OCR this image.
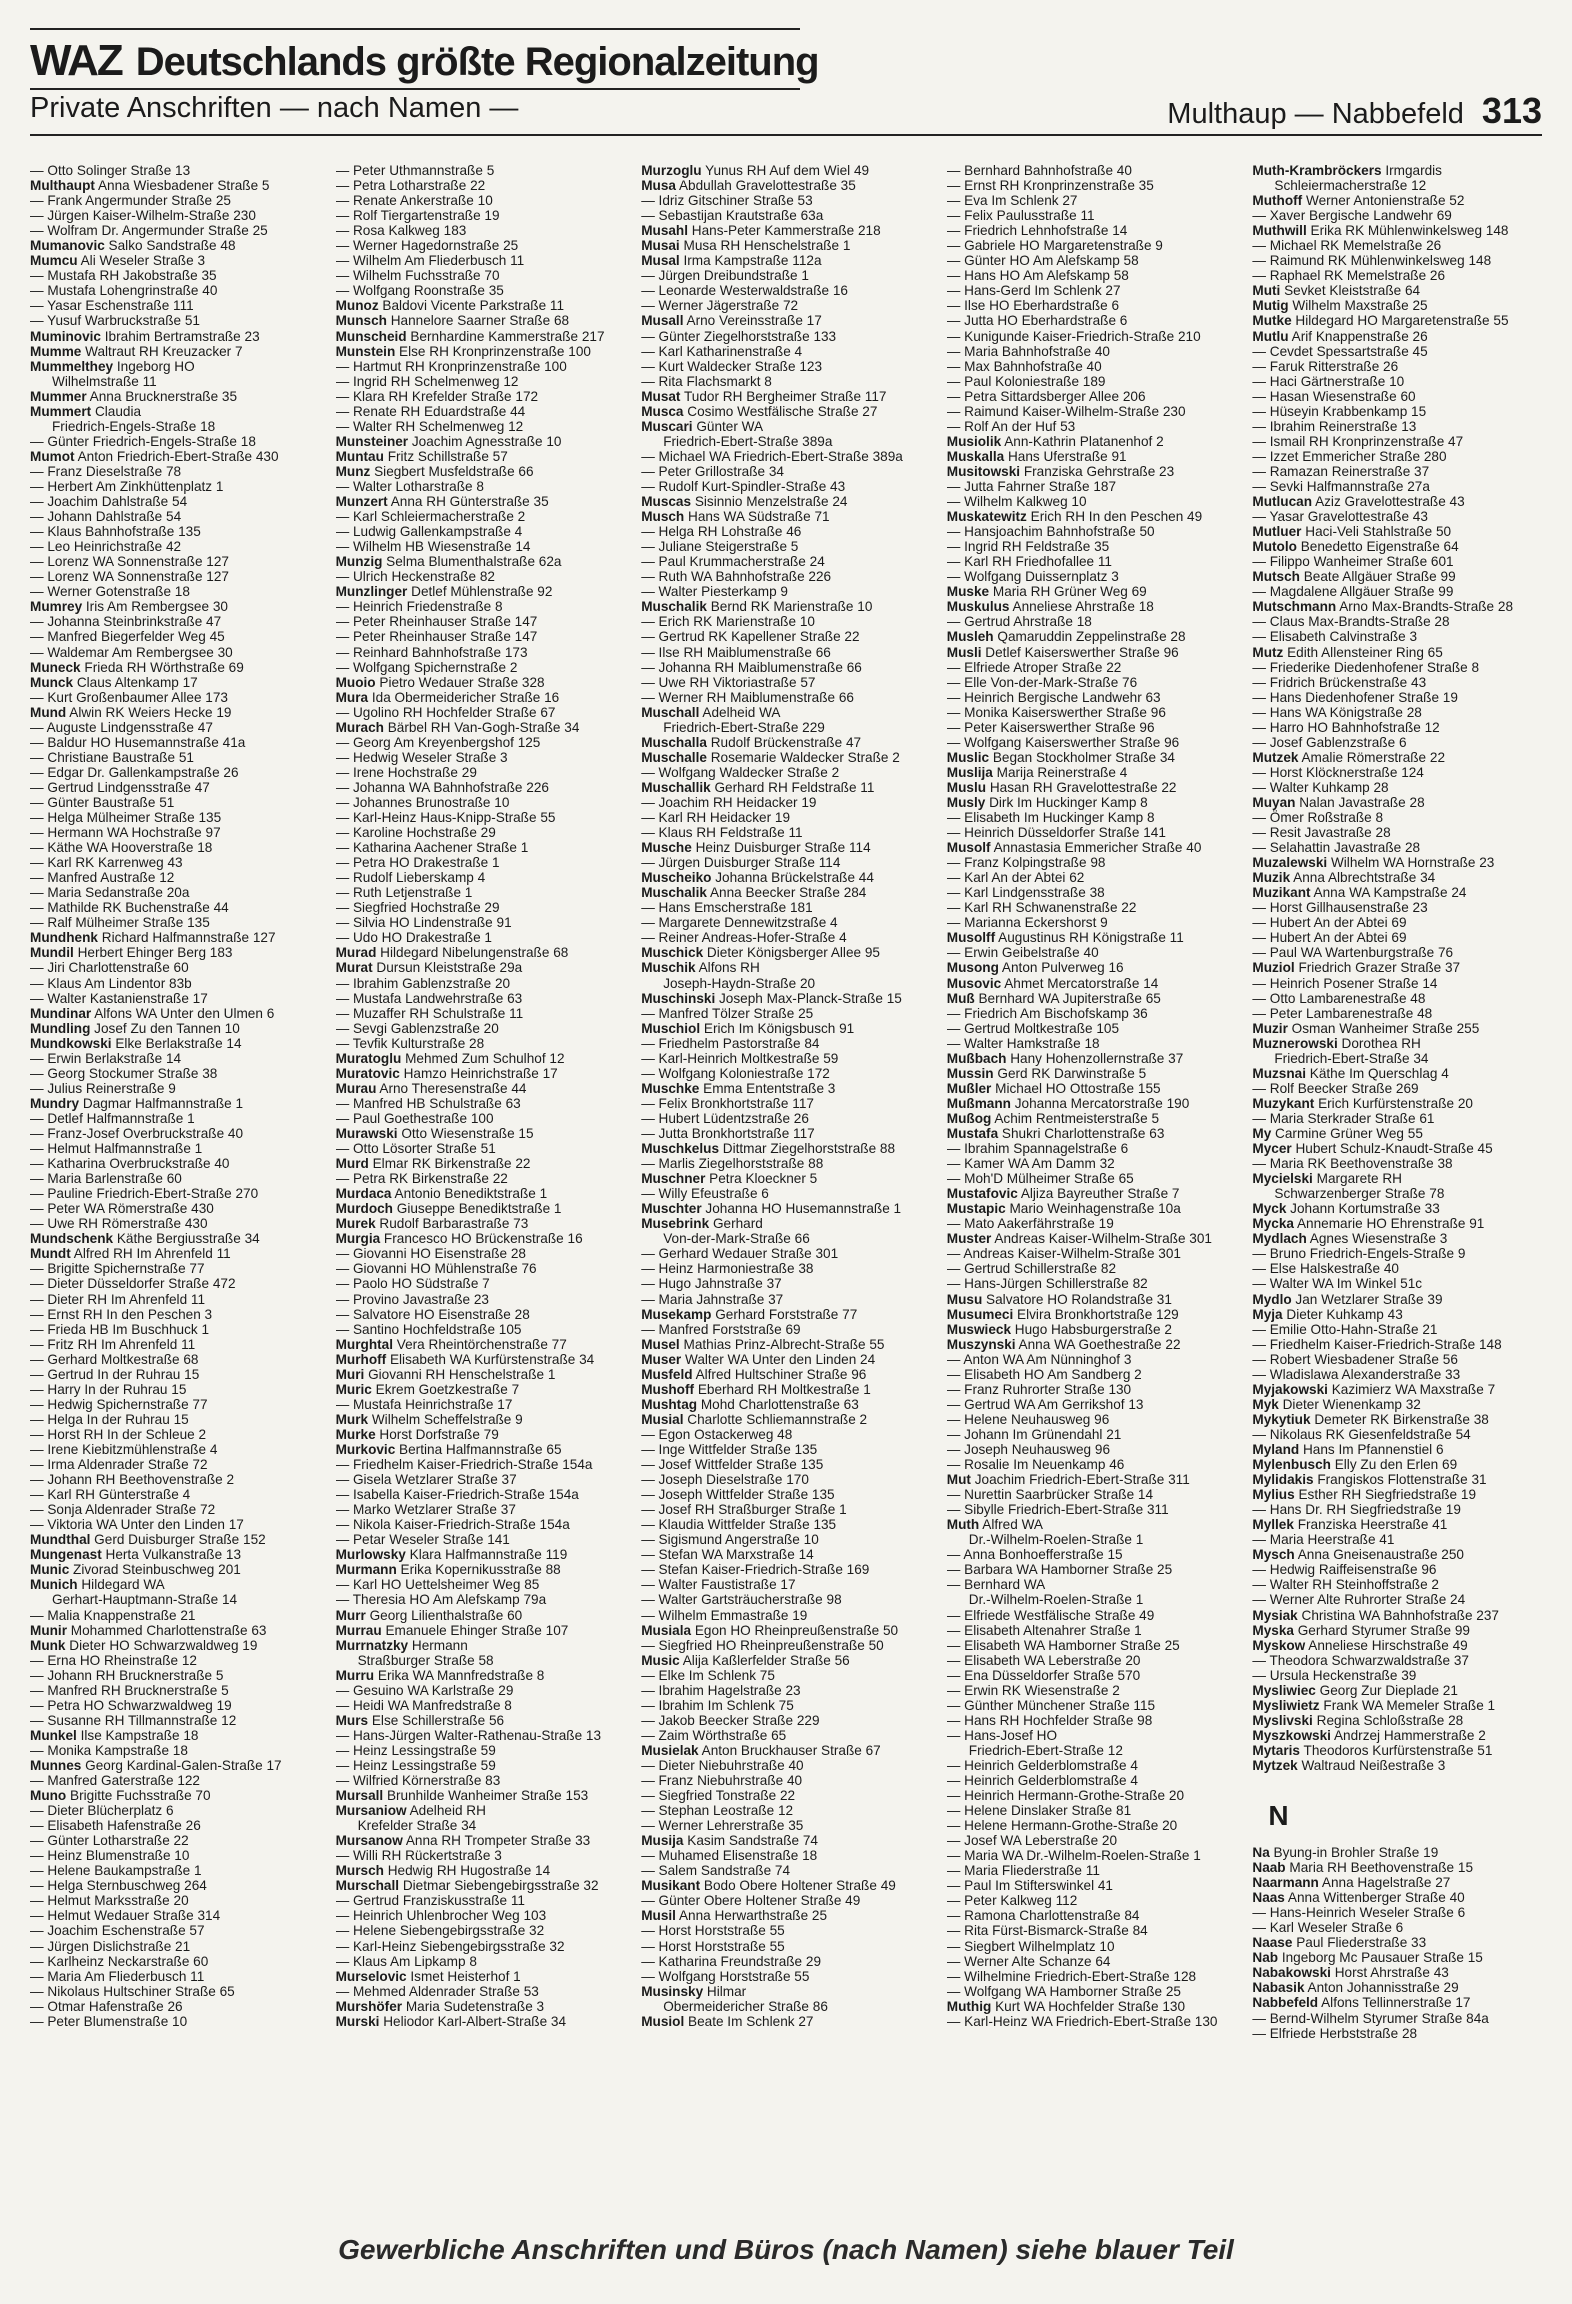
WAZ Deutschlands größte Regionalzeitung
Private Anschriften — nach Namen —	Multhaup — Nabbefeld 313
— Otto Solinger Straße 13
Multhaupt Anna Wiesbadener Straße 5
— Frank Angermunder Straße 25
— Jürgen Kaiser-Wilhelm-Straße 230
— Wolfram Dr. Angermunder Straße 25
Mumanovic Salko Sandstraße 48
Mumcu Ali Weseler Straße 3
— Mustafa RH Jakobstraße 35
— Mustafa Lohengrinstraße 40
— Yasar Eschenstraße 111
— Yusuf Warbruckstraße 51
Muminovic Ibrahim Bertramstraße 23
Mumme Waltraut RH Kreuzacker 7
Mummelthey Ingeborg HO
Wilhelmstraße 11
Mummer Anna Brucknerstraße 35
Mummert Claudia
Friedrich-Engels-Straße 18
— Günter Friedrich-Engels-Straße 18
Mumot Anton Friedrich-Ebert-Straße 430
— Franz Dieselstraße 78
— Herbert Am Zinkhüttenplatz 1
— Joachim Dahlstraße 54
— Johann Dahlstraße 54
— Klaus Bahnhofstraße 135
— Leo Heinrichstraße 42
— Lorenz WA Sonnenstraße 127
— Lorenz WA Sonnenstraße 127
— Werner Gotenstraße 18
Mumrey Iris Am Rembergsee 30
— Johanna Steinbrinkstraße 47
— Manfred Biegerfelder Weg 45
— Waldemar Am Rembergsee 30
Muneck Frieda RH Wörthstraße 69
Munck Claus Altenkamp 17
— Kurt Großenbaumer Allee 173
Mund Alwin RK Weiers Hecke 19
— Auguste Lindgensstraße 47
— Baldur HO Husemannstraße 41a
— Christiane Baustraße 51
— Edgar Dr. Gallenkampstraße 26
— Gertrud Lindgensstraße 47
— Günter Baustraße 51
— Helga Mülheimer Straße 135
— Hermann WA Hochstraße 97
— Käthe WA Hooverstraße 18
— Karl RK Karrenweg 43
— Manfred Austraße 12
— Maria Sedanstraße 20a
— Mathilde RK Buchenstraße 44
— Ralf Mülheimer Straße 135
Mundhenk Richard Halfmannstraße 127
Mundil Herbert Ehinger Berg 183
— Jiri Charlottenstraße 60
— Klaus Am Lindentor 83b
— Walter Kastanienstraße 17
Mundinar Alfons WA Unter den Ulmen 6
Mundling Josef Zu den Tannen 10
Mundkowski Elke Berlakstraße 14
— Erwin Berlakstraße 14
— Georg Stockumer Straße 38
— Julius Reinerstraße 9
Mundry Dagmar Halfmannstraße 1
— Detlef Halfmannstraße 1
— Franz-Josef Overbruckstraße 40
— Helmut Halfmannstraße 1
— Katharina Overbruckstraße 40
— Maria Barlenstraße 60
— Pauline Friedrich-Ebert-Straße 270
— Peter WA Römerstraße 430
— Uwe RH Römerstraße 430
Mundschenk Käthe Bergiusstraße 34
Mundt Alfred RH Im Ahrenfeld 11
— Brigitte Spichernstraße 77
— Dieter Düsseldorfer Straße 472
— Dieter RH Im Ahrenfeld 11
— Ernst RH In den Peschen 3
— Frieda HB Im Buschhuck 1
— Fritz RH Im Ahrenfeld 11
— Gerhard Moltkestraße 68
— Gertrud In der Ruhrau 15
— Harry In der Ruhrau 15
— Hedwig Spichernstraße 77
— Helga In der Ruhrau 15
— Horst RH In der Schleue 2
— Irene Kiebitzmühlenstraße 4
— Irma Aldenrader Straße 72
— Johann RH Beethovenstraße 2
— Karl RH Günterstraße 4
— Sonja Aldenrader Straße 72
— Viktoria WA Unter den Linden 17
Mundthal Gerd Duisburger Straße 152
Mungenast Herta Vulkanstraße 13
Munic Zivorad Steinbuschweg 201
Munich Hildegard WA
Gerhart-Hauptmann-Straße 14
— Malia Knappenstraße 21
Munir Mohammed Charlottenstraße 63
Munk Dieter HO Schwarzwaldweg 19
— Erna HO Rheinstraße 12
— Johann RH Brucknerstraße 5
— Manfred RH Brucknerstraße 5
— Petra HO Schwarzwaldweg 19
— Susanne RH Tillmannstraße 12
Munkel Ilse Kampstraße 18
— Monika Kampstraße 18
Munnes Georg Kardinal-Galen-Straße 17
— Manfred Gaterstraße 122
Muno Brigitte Fuchsstraße 70
— Dieter Blücherplatz 6
— Elisabeth Hafenstraße 26
— Günter Lotharstraße 22
— Heinz Blumenstraße 10
— Helene Baukampstraße 1
— Helga Sternbuschweg 264
— Helmut Marksstraße 20
— Helmut Wedauer Straße 314
— Joachim Eschenstraße 57
— Jürgen Dislichstraße 21
— Karlheinz Neckarstraße 60
— Maria Am Fliederbusch 11
— Nikolaus Hultschiner Straße 65
— Otmar Hafenstraße 26
— Peter Blumenstraße 10
— Peter Uthmannstraße 5
— Petra Lotharstraße 22
— Renate Ankerstraße 10
— Rolf Tiergartenstraße 19
— Rosa Kalkweg 183
— Werner Hagedornstraße 25
— Wilhelm Am Fliederbusch 11
— Wilhelm Fuchsstraße 70
— Wolfgang Roonstraße 35
Munoz Baldovi Vicente Parkstraße 11
Munsch Hannelore Saarner Straße 68
Munscheid Bernhardine Kammerstraße 217
Munstein Else RH Kronprinzenstraße 100
— Hartmut RH Kronprinzenstraße 100
— Ingrid RH Schelmenweg 12
— Klara RH Krefelder Straße 172
— Renate RH Eduardstraße 44
— Walter RH Schelmenweg 12
Munsteiner Joachim Agnesstraße 10
Muntau Fritz Schillstraße 57
Munz Siegbert Musfeldstraße 66
— Walter Lotharstraße 8
Munzert Anna RH Günterstraße 35
— Karl Schleiermacherstraße 2
— Ludwig Gallenkampstraße 4
— Wilhelm HB Wiesenstraße 14
Munzig Selma Blumenthalstraße 62a
— Ulrich Heckenstraße 82
Munzlinger Detlef Mühlenstraße 92
— Heinrich Friedenstraße 8
— Peter Rheinhauser Straße 147
— Peter Rheinhauser Straße 147
— Reinhard Bahnhofstraße 173
— Wolfgang Spichernstraße 2
Muoio Pietro Wedauer Straße 328
Mura Ida Obermeidericher Straße 16
— Ugolino RH Hochfelder Straße 67
Murach Bärbel RH Van-Gogh-Straße 34
— Georg Am Kreyenbergshof 125
— Hedwig Weseler Straße 3
— Irene Hochstraße 29
— Johanna WA Bahnhofstraße 226
— Johannes Brunostraße 10
— Karl-Heinz Haus-Knipp-Straße 55
— Karoline Hochstraße 29
— Katharina Aachener Straße 1
— Petra HO Drakestraße 1
— Rudolf Lieberskamp 4
— Ruth Letjenstraße 1
— Siegfried Hochstraße 29
— Silvia HO Lindenstraße 91
— Udo HO Drakestraße 1
Murad Hildegard Nibelungenstraße 68
Murat Dursun Kleiststraße 29a
— Ibrahim Gablenzstraße 20
— Mustafa Landwehrstraße 63
— Muzaffer RH Schulstraße 11
— Sevgi Gablenzstraße 20
— Tevfik Kulturstraße 28
Muratoglu Mehmed Zum Schulhof 12
Muratovic Hamzo Heinrichstraße 17
Murau Arno Theresenstraße 44
— Manfred HB Schulstraße 63
— Paul Goethestraße 100
Murawski Otto Wiesenstraße 15
— Otto Lösorter Straße 51
Murd Elmar RK Birkenstraße 22
— Petra RK Birkenstraße 22
Murdaca Antonio Benediktstraße 1
Murdoch Giuseppe Benediktstraße 1
Murek Rudolf Barbarastraße 73
Murgia Francesco HO Brückenstraße 16
— Giovanni HO Eisenstraße 28
— Giovanni HO Mühlenstraße 76
— Paolo HO Südstraße 7
— Provino Javastraße 23
— Salvatore HO Eisenstraße 28
— Santino Hochfeldstraße 105
Murghtal Vera Rheintörchenstraße 77
Murhoff Elisabeth WA Kurfürstenstraße 34
Muri Giovanni RH Henschelstraße 1
Muric Ekrem Goetzkestraße 7
— Mustafa Heinrichstraße 17
Murk Wilhelm Scheffelstraße 9
Murke Horst Dorfstraße 79
Murkovic Bertina Halfmannstraße 65
— Friedhelm Kaiser-Friedrich-Straße 154a
— Gisela Wetzlarer Straße 37
— Isabella Kaiser-Friedrich-Straße 154a
— Marko Wetzlarer Straße 37
— Nikola Kaiser-Friedrich-Straße 154a
— Petar Weseler Straße 141
Murlowsky Klara Halfmannstraße 119
Murmann Erika Kopernikusstraße 88
— Karl HO Uettelsheimer Weg 85
— Theresia HO Am Alefskamp 79a
Murr Georg Lilienthalstraße 60
Murrau Emanuele Ehinger Straße 107
Murrnatzky Hermann
Straßburger Straße 58
Murru Erika WA Mannfredstraße 8
— Gesuino WA Karlstraße 29
— Heidi WA Manfredstraße 8
Murs Else Schillerstraße 56
— Hans-Jürgen Walter-Rathenau-Straße 13
— Heinz Lessingstraße 59
— Heinz Lessingstraße 59
— Wilfried Körnerstraße 83
Mursall Brunhilde Wanheimer Straße 153
Mursaniow Adelheid RH
Krefelder Straße 34
Mursanow Anna RH Trompeter Straße 33
— Willi RH Rückertstraße 3
Mursch Hedwig RH Hugostraße 14
Murschall Dietmar Siebengebirgsstraße 32
— Gertrud Franziskusstraße 11
— Heinrich Uhlenbrocher Weg 103
— Helene Siebengebirgsstraße 32
— Karl-Heinz Siebengebirgsstraße 32
— Klaus Am Lipkamp 8
Murselovic Ismet Heisterhof 1
— Mehmed Aldenrader Straße 53
Murshöfer Maria Sudetenstraße 3
Murski Heliodor Karl-Albert-Straße 34
Murzoglu Yunus RH Auf dem Wiel 49
Musa Abdullah Gravelottestraße 35
— Idriz Gitschiner Straße 53
— Sebastijan Krautstraße 63a
Musahl Hans-Peter Kammerstraße 218
Musai Musa RH Henschelstraße 1
Musal Irma Kampstraße 112a
— Jürgen Dreibundstraße 1
— Leonarde Westerwaldstraße 16
— Werner Jägerstraße 72
Musall Arno Vereinsstraße 17
— Günter Ziegelhorststraße 133
— Karl Katharinenstraße 4
— Kurt Waldecker Straße 123
— Rita Flachsmarkt 8
Musat Tudor RH Bergheimer Straße 117
Musca Cosimo Westfälische Straße 27
Muscari Günter WA
Friedrich-Ebert-Straße 389a
— Michael WA Friedrich-Ebert-Straße 389a
— Peter Grillostraße 34
— Rudolf Kurt-Spindler-Straße 43
Muscas Sisinnio Menzelstraße 24
Musch Hans WA Südstraße 71
— Helga RH Lohstraße 46
— Juliane Steigerstraße 5
— Paul Krummacherstraße 24
— Ruth WA Bahnhofstraße 226
— Walter Piesterkamp 9
Muschalik Bernd RK Marienstraße 10
— Erich RK Marienstraße 10
— Gertrud RK Kapellener Straße 22
— Ilse RH Maiblumenstraße 66
— Johanna RH Maiblumenstraße 66
— Uwe RH Viktoriastraße 57
— Werner RH Maiblumenstraße 66
Muschall Adelheid WA
Friedrich-Ebert-Straße 229
Muschalla Rudolf Brückenstraße 47
Muschalle Rosemarie Waldecker Straße 2
— Wolfgang Waldecker Straße 2
Muschallik Gerhard RH Feldstraße 11
— Joachim RH Heidacker 19
— Karl RH Heidacker 19
— Klaus RH Feldstraße 11
Musche Heinz Duisburger Straße 114
— Jürgen Duisburger Straße 114
Muscheiko Johanna Brückelstraße 44
Muschalik Anna Beecker Straße 284
— Hans Emscherstraße 181
— Margarete Dennewitzstraße 4
— Reiner Andreas-Hofer-Straße 4
Muschick Dieter Königsberger Allee 95
Muschik Alfons RH
Joseph-Haydn-Straße 20
Muschinski Joseph Max-Planck-Straße 15
— Manfred Tölzer Straße 25
Muschiol Erich Im Königsbusch 91
— Friedhelm Pastorstraße 84
— Karl-Heinrich Moltkestraße 59
— Wolfgang Koloniestraße 172
Muschke Emma Ententstraße 3
— Felix Bronkhortstraße 117
— Hubert Lüdentzstraße 26
— Jutta Bronkhortstraße 117
Muschkelus Dittmar Ziegelhorststraße 88
— Marlis Ziegelhorststraße 88
Muschner Petra Kloeckner 5
— Willy Efeustraße 6
Muschter Johanna HO Husemannstraße 1
Musebrink Gerhard
Von-der-Mark-Straße 66
— Gerhard Wedauer Straße 301
— Heinz Harmoniestraße 38
— Hugo Jahnstraße 37
— Maria Jahnstraße 37
Musekamp Gerhard Forststraße 77
— Manfred Forststraße 69
Musel Mathias Prinz-Albrecht-Straße 55
Muser Walter WA Unter den Linden 24
Musfeld Alfred Hultschiner Straße 96
Mushoff Eberhard RH Moltkestraße 1
Mushtag Mohd Charlottenstraße 63
Musial Charlotte Schliemannstraße 2
— Egon Ostackerweg 48
— Inge Wittfelder Straße 135
— Josef Wittfelder Straße 135
— Joseph Dieselstraße 170
— Joseph Wittfelder Straße 135
— Josef RH Straßburger Straße 1
— Klaudia Wittfelder Straße 135
— Sigismund Angerstraße 10
— Stefan WA Marxstraße 14
— Stefan Kaiser-Friedrich-Straße 169
— Walter Faustistraße 17
— Walter Gartsträucherstraße 98
— Wilhelm Emmastraße 19
Musiala Egon HO Rheinpreußenstraße 50
— Siegfried HO Rheinpreußenstraße 50
Music Alija Kaßlerfelder Straße 56
— Elke Im Schlenk 75
— Ibrahim Hagelstraße 23
— Ibrahim Im Schlenk 75
— Jakob Beecker Straße 229
— Zaim Wörthstraße 65
Musielak Anton Bruckhauser Straße 67
— Dieter Niebuhrstraße 40
— Franz Niebuhrstraße 40
— Siegfried Tonstraße 22
— Stephan Leostraße 12
— Werner Lehrerstraße 35
Musija Kasim Sandstraße 74
— Muhamed Elisenstraße 18
— Salem Sandstraße 74
Musikant Bodo Obere Holtener Straße 49
— Günter Obere Holtener Straße 49
Musil Anna Herwarthstraße 25
— Horst Horststraße 55
— Horst Horststraße 55
— Katharina Freundstraße 29
— Wolfgang Horststraße 55
Musinsky Hilmar
Obermeidericher Straße 86
Musiol Beate Im Schlenk 27
— Bernhard Bahnhofstraße 40
— Ernst RH Kronprinzenstraße 35
— Eva Im Schlenk 27
— Felix Paulusstraße 11
— Friedrich Lehnhofstraße 14
— Gabriele HO Margaretenstraße 9
— Günter HO Am Alefskamp 58
— Hans HO Am Alefskamp 58
— Hans-Gerd Im Schlenk 27
— Ilse HO Eberhardstraße 6
— Jutta HO Eberhardstraße 6
— Kunigunde Kaiser-Friedrich-Straße 210
— Maria Bahnhofstraße 40
— Max Bahnhofstraße 40
— Paul Koloniestraße 189
— Petra Sittardsberger Allee 206
— Raimund Kaiser-Wilhelm-Straße 230
— Rolf An der Huf 53
Musiolik Ann-Kathrin Platanenhof 2
Muskalla Hans Uferstraße 91
Musitowski Franziska Gehrstraße 23
— Jutta Fahrner Straße 187
— Wilhelm Kalkweg 10
Muskatewitz Erich RH In den Peschen 49
— Hansjoachim Bahnhofstraße 50
— Ingrid RH Feldstraße 35
— Karl RH Friedhofallee 11
— Wolfgang Duissernplatz 3
Muske Maria RH Grüner Weg 69
Muskulus Anneliese Ahrstraße 18
— Gertrud Ahrstraße 18
Musleh Qamaruddin Zeppelinstraße 28
Musli Detlef Kaiserswerther Straße 96
— Elfriede Atroper Straße 22
— Elle Von-der-Mark-Straße 76
— Heinrich Bergische Landwehr 63
— Monika Kaiserswerther Straße 96
— Peter Kaiserswerther Straße 96
— Wolfgang Kaiserswerther Straße 96
Muslic Began Stockholmer Straße 34
Muslija Marija Reinerstraße 4
Muslu Hasan RH Gravelottestraße 22
Musly Dirk Im Huckinger Kamp 8
— Elisabeth Im Huckinger Kamp 8
— Heinrich Düsseldorfer Straße 141
Musolf Annastasia Emmericher Straße 40
— Franz Kolpingstraße 98
— Karl An der Abtei 62
— Karl Lindgensstraße 38
— Karl RH Schwanenstraße 22
— Marianna Eckershorst 9
Musolff Augustinus RH Königstraße 11
— Erwin Geibelstraße 40
Musong Anton Pulverweg 16
Musovic Ahmet Mercatorstraße 14
Muß Bernhard WA Jupiterstraße 65
— Friedrich Am Bischofskamp 36
— Gertrud Moltkestraße 105
— Walter Hamkstraße 18
Mußbach Hany Hohenzollernstraße 37
Mussin Gerd RK Darwinstraße 5
Mußler Michael HO Ottostraße 155
Mußmann Johanna Mercatorstraße 190
Mußog Achim Rentmeisterstraße 5
Mustafa Shukri Charlottenstraße 63
— Ibrahim Spannagelstraße 6
— Kamer WA Am Damm 32
— Moh'D Mülheimer Straße 65
Mustafovic Aljiza Bayreuther Straße 7
Mustapic Mario Weinhagenstraße 10a
— Mato Aakerfährstraße 19
Muster Andreas Kaiser-Wilhelm-Straße 301
— Andreas Kaiser-Wilhelm-Straße 301
— Gertrud Schillerstraße 82
— Hans-Jürgen Schillerstraße 82
Musu Salvatore HO Rolandstraße 31
Musumeci Elvira Bronkhortstraße 129
Muswieck Hugo Habsburgerstraße 2
Muszynski Anna WA Goethestraße 22
— Anton WA Am Nünninghof 3
— Elisabeth HO Am Sandberg 2
— Franz Ruhrorter Straße 130
— Gertrud WA Am Gerrikshof 13
— Helene Neuhausweg 96
— Johann Im Grünendahl 21
— Joseph Neuhausweg 96
— Rosalie Im Neuenkamp 46
Mut Joachim Friedrich-Ebert-Straße 311
— Nurettin Saarbrücker Straße 14
— Sibylle Friedrich-Ebert-Straße 311
Muth Alfred WA
Dr.-Wilhelm-Roelen-Straße 1
— Anna Bonhoefferstraße 15
— Barbara WA Hamborner Straße 25
— Bernhard WA
Dr.-Wilhelm-Roelen-Straße 1
— Elfriede Westfälische Straße 49
— Elisabeth Altenahrer Straße 1
— Elisabeth WA Hamborner Straße 25
— Elisabeth WA Leberstraße 20
— Ena Düsseldorfer Straße 570
— Erwin RK Wiesenstraße 2
— Günther Münchener Straße 115
— Hans RH Hochfelder Straße 98
— Hans-Josef HO
Friedrich-Ebert-Straße 12
— Heinrich Gelderblomstraße 4
— Heinrich Gelderblomstraße 4
— Heinrich Hermann-Grothe-Straße 20
— Helene Dinslaker Straße 81
— Helene Hermann-Grothe-Straße 20
— Josef WA Leberstraße 20
— Maria WA Dr.-Wilhelm-Roelen-Straße 1
— Maria Fliederstraße 11
— Paul Im Stifterswinkel 41
— Peter Kalkweg 112
— Ramona Charlottenstraße 84
— Rita Fürst-Bismarck-Straße 84
— Siegbert Wilhelmplatz 10
— Werner Alte Schanze 64
— Wilhelmine Friedrich-Ebert-Straße 128
— Wolfgang WA Hamborner Straße 25
Muthig Kurt WA Hochfelder Straße 130
— Karl-Heinz WA Friedrich-Ebert-Straße 130
Muth-Krambröckers Irmgardis
Schleiermacherstraße 12
Muthoff Werner Antonienstraße 52
— Xaver Bergische Landwehr 69
Muthwill Erika RK Mühlenwinkelsweg 148
— Michael RK Memelstraße 26
— Raimund RK Mühlenwinkelsweg 148
— Raphael RK Memelstraße 26
Muti Sevket Kleiststraße 64
Mutig Wilhelm Maxstraße 25
Mutke Hildegard HO Margaretenstraße 55
Mutlu Arif Knappenstraße 26
— Cevdet Spessartstraße 45
— Faruk Ritterstraße 26
— Haci Gärtnerstraße 10
— Hasan Wiesenstraße 60
— Hüseyin Krabbenkamp 15
— Ibrahim Reinerstraße 13
— Ismail RH Kronprinzenstraße 47
— Izzet Emmericher Straße 280
— Ramazan Reinerstraße 37
— Sevki Halfmannstraße 27a
Mutlucan Aziz Gravelottestraße 43
— Yasar Gravelottestraße 43
Mutluer Haci-Veli Stahlstraße 50
Mutolo Benedetto Eigenstraße 64
— Filippo Wanheimer Straße 601
Mutsch Beate Allgäuer Straße 99
— Magdalene Allgäuer Straße 99
Mutschmann Arno Max-Brandts-Straße 28
— Claus Max-Brandts-Straße 28
— Elisabeth Calvinstraße 3
Mutz Edith Allensteiner Ring 65
— Friederike Diedenhofener Straße 8
— Fridrich Brückenstraße 43
— Hans Diedenhofener Straße 19
— Hans WA Königstraße 28
— Harro HO Bahnhofstraße 12
— Josef Gablenzstraße 6
Mutzek Amalie Römerstraße 22
— Horst Klöcknerstraße 124
— Walter Kuhkamp 28
Muyan Nalan Javastraße 28
— Ömer Roßstraße 8
— Resit Javastraße 28
— Selahattin Javastraße 28
Muzalewski Wilhelm WA Hornstraße 23
Muzik Anna Albrechtstraße 34
Muzikant Anna WA Kampstraße 24
— Horst Gillhausenstraße 23
— Hubert An der Abtei 69
— Hubert An der Abtei 69
— Paul WA Wartenburgstraße 76
Muziol Friedrich Grazer Straße 37
— Heinrich Posener Straße 14
— Otto Lambarenestraße 48
— Peter Lambarenestraße 48
Muzir Osman Wanheimer Straße 255
Muznerowski Dorothea RH
Friedrich-Ebert-Straße 34
Muzsnai Käthe Im Querschlag 4
— Rolf Beecker Straße 269
Muzykant Erich Kurfürstenstraße 20
— Maria Sterkrader Straße 61
My Carmine Grüner Weg 55
Mycer Hubert Schulz-Knaudt-Straße 45
— Maria RK Beethovenstraße 38
Mycielski Margarete RH
Schwarzenberger Straße 78
Myck Johann Kortumstraße 33
Mycka Annemarie HO Ehrenstraße 91
Mydlach Agnes Wiesenstraße 3
— Bruno Friedrich-Engels-Straße 9
— Else Halskestraße 40
— Walter WA Im Winkel 51c
Mydlo Jan Wetzlarer Straße 39
Myja Dieter Kuhkamp 43
— Emilie Otto-Hahn-Straße 21
— Friedhelm Kaiser-Friedrich-Straße 148
— Robert Wiesbadener Straße 56
— Wladislawa Alexanderstraße 33
Myjakowski Kazimierz WA Maxstraße 7
Myk Dieter Wienenkamp 32
Mykytiuk Demeter RK Birkenstraße 38
— Nikolaus RK Giesenfeldstraße 54
Myland Hans Im Pfannenstiel 6
Mylenbusch Elly Zu den Erlen 69
Mylidakis Frangiskos Flottenstraße 31
Mylius Esther RH Siegfriedstraße 19
— Hans Dr. RH Siegfriedstraße 19
Myllek Franziska Heerstraße 41
— Maria Heerstraße 41
Mysch Anna Gneisenaustraße 250
— Hedwig Raiffeisenstraße 96
— Walter RH Steinhoffstraße 2
— Werner Alte Ruhrorter Straße 24
Mysiak Christina WA Bahnhofstraße 237
Myska Gerhard Styrumer Straße 99
Myskow Anneliese Hirschstraße 49
— Theodora Schwarzwaldstraße 37
— Ursula Heckenstraße 39
Mysliwiec Georg Zur Dieplade 21
Mysliwietz Frank WA Memeler Straße 1
Myslivski Regina Schloßstraße 28
Myszkowski Andrzej Hammerstraße 2
Mytaris Theodoros Kurfürstenstraße 51
Mytzek Waltraud Neißestraße 3
N
Na Byung-in Brohler Straße 19
Naab Maria RH Beethovenstraße 15
Naarmann Anna Hagelstraße 27
Naas Anna Wittenberger Straße 40
— Hans-Heinrich Weseler Straße 6
— Karl Weseler Straße 6
Naase Paul Fliederstraße 33
Nab Ingeborg Mc Pausauer Straße 15
Nabakowski Horst Ahrstraße 43
Nabasik Anton Johannisstraße 29
Nabbefeld Alfons Tellinnerstraße 17
— Bernd-Wilhelm Styrumer Straße 84a
— Elfriede Herbststraße 28
Gewerbliche Anschriften und Büros (nach Namen) siehe blauer Teil
